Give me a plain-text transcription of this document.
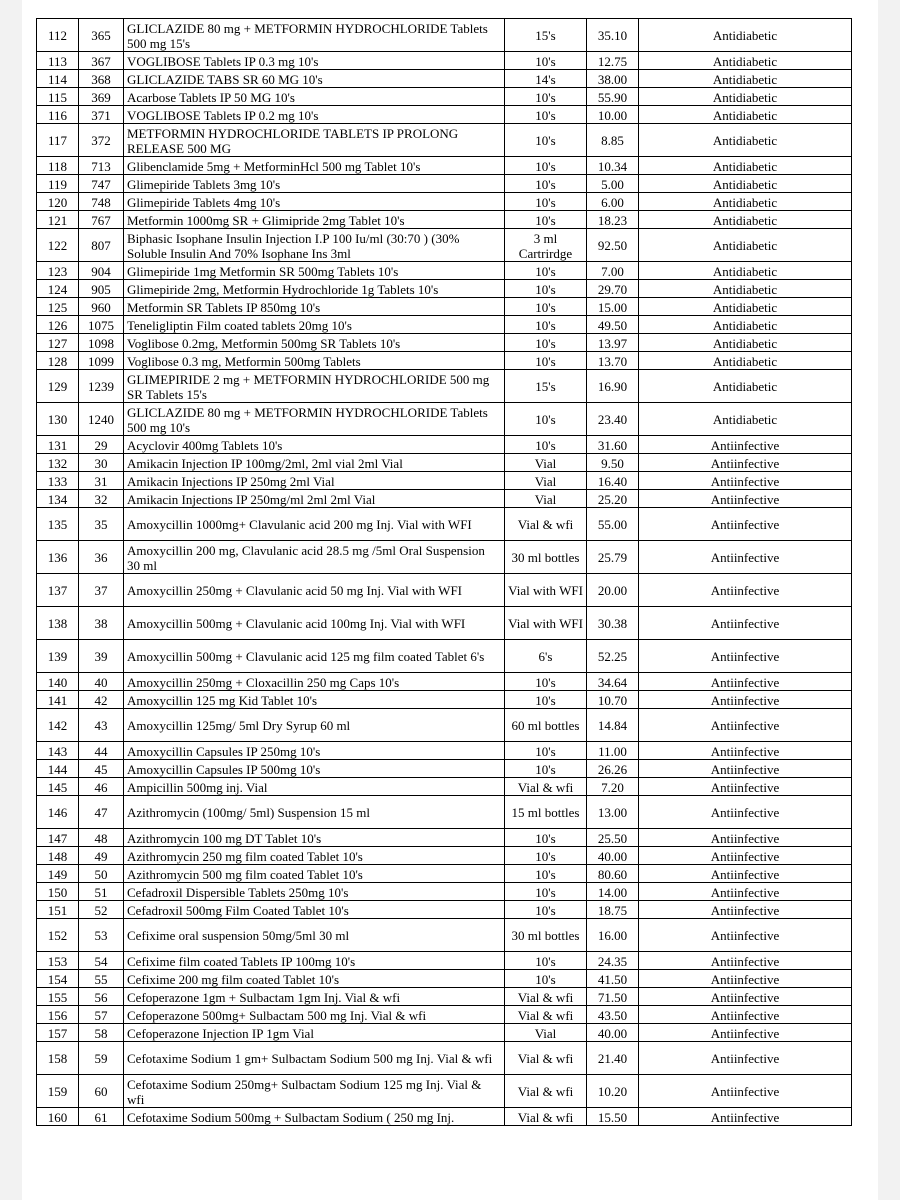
112	365	GLICLAZIDE 80 mg + METFORMIN HYDROCHLORIDE Tablets 500 mg 15's	15's	35.10	Antidiabetic
113	367	VOGLIBOSE Tablets IP 0.3 mg 10's	10's	12.75	Antidiabetic
114	368	GLICLAZIDE TABS SR 60 MG 10's	14's	38.00	Antidiabetic
115	369	Acarbose Tablets IP 50 MG 10's	10's	55.90	Antidiabetic
116	371	VOGLIBOSE Tablets IP 0.2 mg 10's	10's	10.00	Antidiabetic
117	372	METFORMIN HYDROCHLORIDE TABLETS IP PROLONG RELEASE 500 MG	10's	8.85	Antidiabetic
118	713	Glibenclamide 5mg + MetforminHcl 500 mg Tablet 10's	10's	10.34	Antidiabetic
119	747	Glimepiride Tablets 3mg 10's	10's	5.00	Antidiabetic
120	748	Glimepiride Tablets 4mg 10's	10's	6.00	Antidiabetic
121	767	Metformin 1000mg SR + Glimipride 2mg Tablet 10's	10's	18.23	Antidiabetic
122	807	Biphasic Isophane Insulin Injection I.P 100 Iu/ml (30:70 ) (30% Soluble Insulin And 70% Isophane Ins 3ml	3 ml Cartrirdge	92.50	Antidiabetic
123	904	Glimepiride 1mg Metformin SR 500mg Tablets 10's	10's	7.00	Antidiabetic
124	905	Glimepiride 2mg, Metformin Hydrochloride 1g Tablets 10's	10's	29.70	Antidiabetic
125	960	Metformin SR Tablets IP 850mg 10's	10's	15.00	Antidiabetic
126	1075	Teneligliptin Film coated tablets 20mg 10's	10's	49.50	Antidiabetic
127	1098	Voglibose 0.2mg, Metformin 500mg SR Tablets 10's	10's	13.97	Antidiabetic
128	1099	Voglibose 0.3 mg, Metformin 500mg Tablets	10's	13.70	Antidiabetic
129	1239	GLIMEPIRIDE 2 mg + METFORMIN HYDROCHLORIDE 500 mg SR Tablets 15's	15's	16.90	Antidiabetic
130	1240	GLICLAZIDE 80 mg + METFORMIN HYDROCHLORIDE Tablets 500 mg 10's	10's	23.40	Antidiabetic
131	29	Acyclovir 400mg Tablets 10's	10's	31.60	Antiinfective
132	30	Amikacin Injection IP 100mg/2ml, 2ml vial 2ml Vial	Vial	9.50	Antiinfective
133	31	Amikacin Injections IP 250mg 2ml Vial	Vial	16.40	Antiinfective
134	32	Amikacin Injections IP 250mg/ml 2ml 2ml Vial	Vial	25.20	Antiinfective
135	35	Amoxycillin 1000mg+ Clavulanic acid 200 mg Inj. Vial with WFI	Vial & wfi	55.00	Antiinfective
136	36	Amoxycillin 200 mg, Clavulanic acid 28.5 mg /5ml Oral Suspension 30 ml	30 ml bottles	25.79	Antiinfective
137	37	Amoxycillin 250mg + Clavulanic acid 50 mg Inj. Vial with WFI	Vial with WFI	20.00	Antiinfective
138	38	Amoxycillin 500mg + Clavulanic acid 100mg Inj. Vial with WFI	Vial with WFI	30.38	Antiinfective
139	39	Amoxycillin 500mg + Clavulanic acid 125 mg film coated Tablet 6's	6's	52.25	Antiinfective
140	40	Amoxycillin 250mg + Cloxacillin 250 mg Caps 10's	10's	34.64	Antiinfective
141	42	Amoxycillin 125 mg Kid Tablet 10's	10's	10.70	Antiinfective
142	43	Amoxycillin 125mg/ 5ml Dry Syrup 60 ml	60 ml bottles	14.84	Antiinfective
143	44	Amoxycillin Capsules IP 250mg 10's	10's	11.00	Antiinfective
144	45	Amoxycillin Capsules IP 500mg 10's	10's	26.26	Antiinfective
145	46	Ampicillin 500mg inj. Vial	Vial & wfi	7.20	Antiinfective
146	47	Azithromycin (100mg/ 5ml) Suspension 15 ml	15 ml bottles	13.00	Antiinfective
147	48	Azithromycin 100 mg DT Tablet 10's	10's	25.50	Antiinfective
148	49	Azithromycin 250 mg film coated Tablet 10's	10's	40.00	Antiinfective
149	50	Azithromycin 500 mg film coated Tablet 10's	10's	80.60	Antiinfective
150	51	Cefadroxil Dispersible Tablets 250mg 10's	10's	14.00	Antiinfective
151	52	Cefadroxil 500mg Film Coated Tablet 10's	10's	18.75	Antiinfective
152	53	Cefixime oral suspension 50mg/5ml 30 ml	30 ml bottles	16.00	Antiinfective
153	54	Cefixime film coated Tablets IP 100mg 10's	10's	24.35	Antiinfective
154	55	Cefixime 200 mg film coated Tablet 10's	10's	41.50	Antiinfective
155	56	Cefoperazone 1gm + Sulbactam 1gm Inj. Vial & wfi	Vial & wfi	71.50	Antiinfective
156	57	Cefoperazone 500mg+ Sulbactam 500 mg Inj. Vial & wfi	Vial & wfi	43.50	Antiinfective
157	58	Cefoperazone Injection IP 1gm Vial	Vial	40.00	Antiinfective
158	59	Cefotaxime Sodium 1 gm+ Sulbactam Sodium 500 mg Inj. Vial & wfi	Vial & wfi	21.40	Antiinfective
159	60	Cefotaxime Sodium 250mg+ Sulbactam Sodium 125 mg Inj. Vial & wfi	Vial & wfi	10.20	Antiinfective
160	61	Cefotaxime Sodium 500mg + Sulbactam Sodium ( 250 mg Inj.	Vial & wfi	15.50	Antiinfective
